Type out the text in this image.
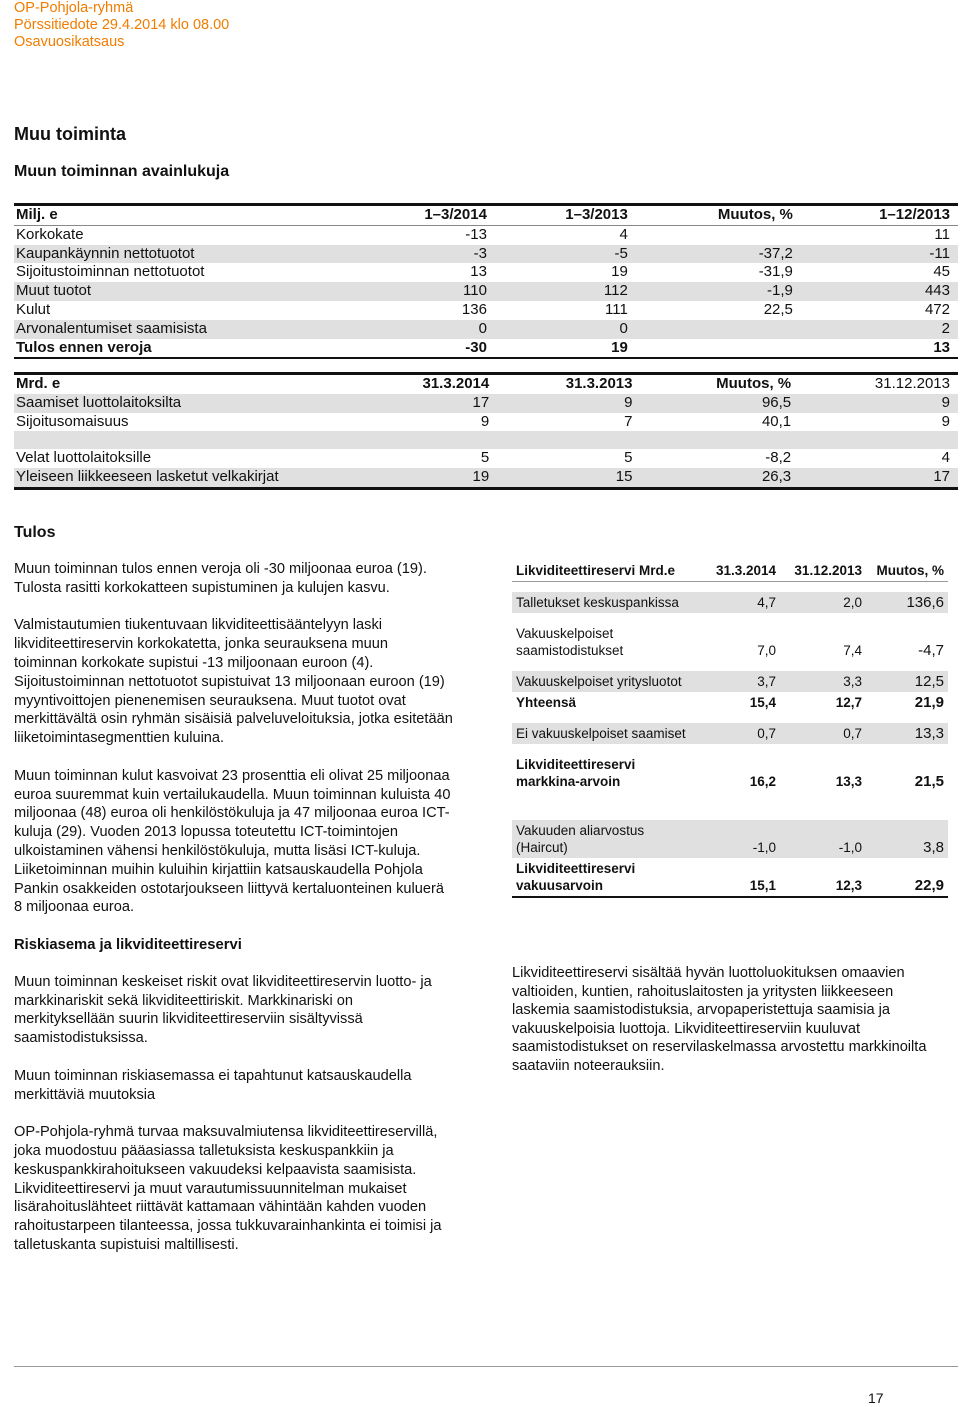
OP-Pohjola-ryhmä
Pörssitiedote 29.4.2014 klo 08.00
Osavuosikatsaus
Muu toiminta
Muun toiminnan avainlukuja
Milj. e	1–3/2014	1–3/2013	Muutos, %	1–12/2013
Korkokate	-13	4		11
Kaupankäynnin nettotuotot	-3	-5	-37,2	-11
Sijoitustoiminnan nettotuotot	13	19	-31,9	45
Muut tuotot	110	112	-1,9	443
Kulut	136	111	22,5	472
Arvonalentumiset saamisista	0	0		2
Tulos ennen veroja	-30	19		13
Mrd. e	31.3.2014	31.3.2013	Muutos, %	31.12.2013
Saamiset luottolaitoksilta	17	9	96,5	9
Sijoitusomaisuus	9	7	40,1	9

Velat luottolaitoksille	5	5	-8,2	4
Yleiseen liikkeeseen lasketut velkakirjat	19	15	26,3	17
Tulos

Muun toiminnan tulos ennen veroja oli -30 miljoonaa euroa (19). Tulosta rasitti korkokatteen supistuminen ja kulujen kasvu.

Valmistautumien tiukentuvaan likviditeettisääntelyyn laski likviditeettireservin korkokatetta, jonka seurauksena muun toiminnan korkokate supistui -13 miljoonaan euroon (4). Sijoitustoiminnan nettotuotot supistuivat 13 miljoonaan euroon (19) myyntivoittojen pienenemisen seurauksena. Muut tuotot ovat merkittävältä osin ryhmän sisäisiä palveluveloituksia, jotka esitetään liiketoimintasegmenttien kuluina.

Muun toiminnan kulut kasvoivat 23 prosenttia eli olivat 25 miljoonaa euroa suuremmat kuin vertailukaudella. Muun toiminnan kuluista 40 miljoonaa (48) euroa oli henkilöstökuluja ja 47 miljoonaa euroa ICT-kuluja (29). Vuoden 2013 lopussa toteutettu ICT-toimintojen ulkoistaminen vähensi henkilöstökuluja, mutta lisäsi ICT-kuluja. Liiketoiminnan muihin kuluihin kirjattiin katsauskaudella Pohjola Pankin osakkeiden ostotarjoukseen liittyvä kertaluonteinen kuluerä 8 miljoonaa euroa.

Riskiasema ja likviditeettireservi

Muun toiminnan keskeiset riskit ovat likviditeettireservin luotto- ja markkinariskit sekä likviditeettiriskit. Markkinariski on merkityksellään suurin likviditeettireserviin sisältyvissä saamistodistuksissa.

Muun toiminnan riskiasemassa ei tapahtunut katsauskaudella merkittäviä muutoksia

OP-Pohjola-ryhmä turvaa maksuvalmiutensa likviditeettireservillä, joka muodostuu pääasiassa talletuksista keskuspankkiin ja keskuspankkirahoitukseen vakuudeksi kelpaavista saamisista. Likviditeettireservi ja muut varautumissuunnitelman mukaiset lisärahoituslähteet riittävät kattamaan vähintään kahden vuoden rahoitustarpeen tilanteessa, jossa tukkuvarainhankinta ei toimisi ja talletuskanta supistuisi maltillisesti.

Likviditeettireservi Mrd.e	31.3.2014	31.12.2013	Muutos, %

Talletukset keskuspankissa	4,7	2,0	136,6

Vakuuskelpoiset saamistodistukset	7,0	7,4	-4,7

Vakuuskelpoiset yritysluotot	3,7	3,3	12,5
Yhteensä	15,4	12,7	21,9

Ei vakuuskelpoiset saamiset	0,7	0,7	13,3

Likviditeettireservi markkina-arvoin	16,2	13,3	21,5

Vakuuden aliarvostus (Haircut)	-1,0	-1,0	3,8
Likviditeettireservi vakuusarvoin	15,1	12,3	22,9

Likviditeettireservi sisältää hyvän luottoluokituksen omaavien valtioiden, kuntien, rahoituslaitosten ja yritysten liikkeeseen laskemia saamistodistuksia, arvopaperistettuja saamisia ja vakuuskelpoisia luottoja. Likviditeettireserviin kuuluvat saamistodistukset on reservilaskelmassa arvostettu markkinoilta saataviin noteerauksiin.

17
